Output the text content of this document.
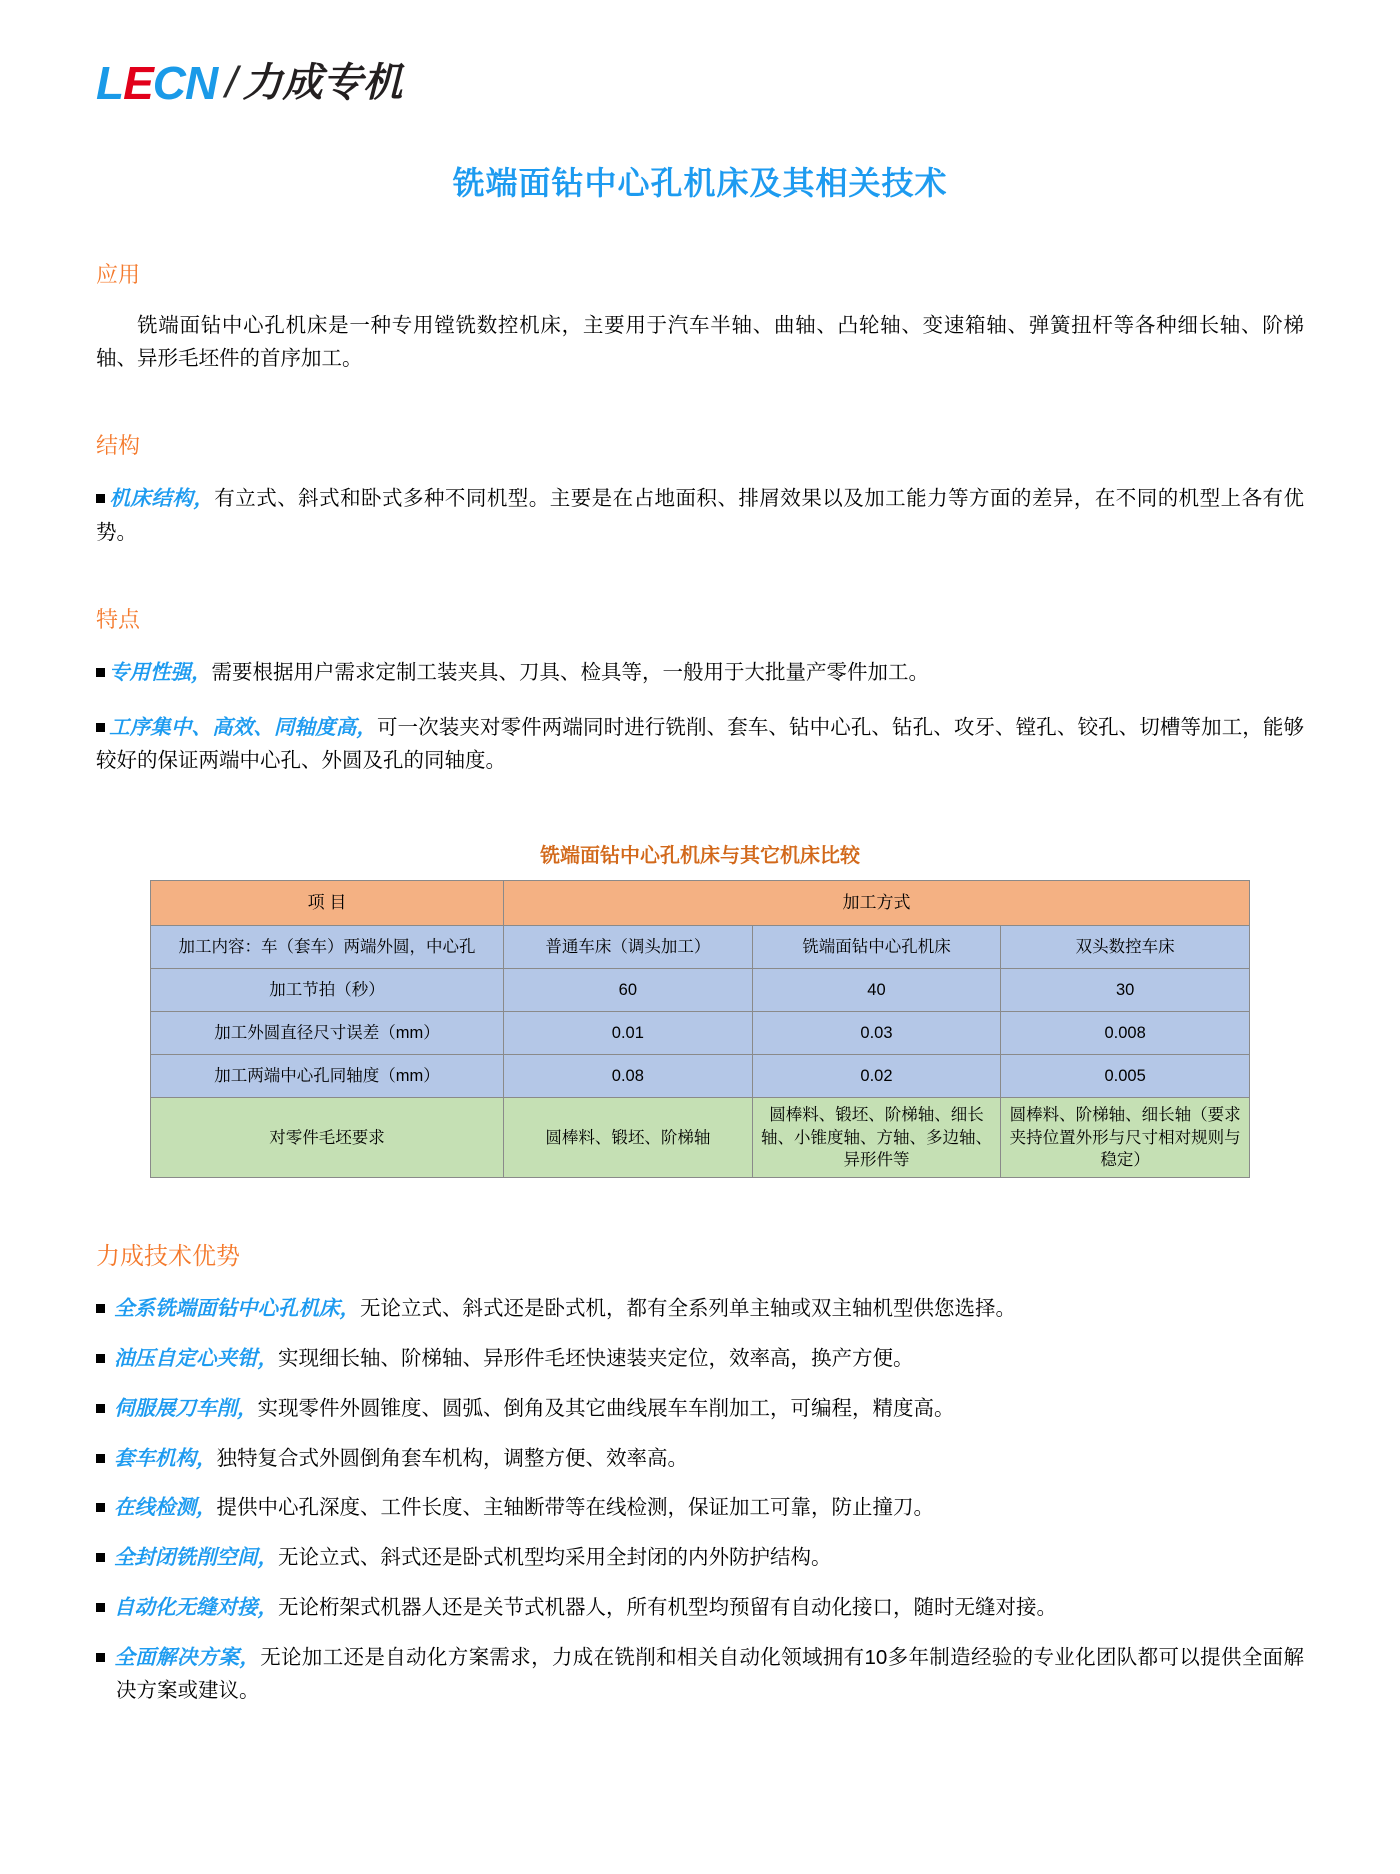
L E CN / 力成专机
铣端面钻中心孔机床及其相关技术
应用
铣端面钻中心孔机床是一种专用镗铣数控机床，主要用于汽车半轴、曲轴、凸轮轴、变速箱轴、弹簧扭杆等各种细长轴、阶梯轴、异形毛坯件的首序加工。
结构
机床结构，有立式、斜式和卧式多种不同机型。主要是在占地面积、排屑效果以及加工能力等方面的差异，在不同的机型上各有优势。
特点
专用性强，需要根据用户需求定制工装夹具、刀具、检具等，一般用于大批量产零件加工。
工序集中、高效、同轴度高，可一次装夹对零件两端同时进行铣削、套车、钻中心孔、钻孔、攻牙、镗孔、铰孔、切槽等加工，能够较好的保证两端中心孔、外圆及孔的同轴度。
铣端面钻中心孔机床与其它机床比较
项 目	加工方式		
加工内容：车（套车）两端外圆，中心孔	普通车床（调头加工）	铣端面钻中心孔机床	双头数控车床
加工节拍（秒）	60	40	30
加工外圆直径尺寸误差（mm）	0.01	0.03	0.008
加工两端中心孔同轴度（mm）	0.08	0.02	0.005
对零件毛坯要求	圆棒料、锻坯、阶梯轴	圆棒料、锻坯、阶梯轴、细长轴、小锥度轴、方轴、多边轴、异形件等	圆棒料、阶梯轴、细长轴（要求夹持位置外形与尺寸相对规则与稳定）
力成技术优势
全系铣端面钻中心孔机床，无论立式、斜式还是卧式机，都有全系列单主轴或双主轴机型供您选择。
油压自定心夹钳，实现细长轴、阶梯轴、异形件毛坯快速装夹定位，效率高，换产方便。
伺服展刀车削，实现零件外圆锥度、圆弧、倒角及其它曲线展车车削加工，可编程，精度高。
套车机构，独特复合式外圆倒角套车机构，调整方便、效率高。
在线检测，提供中心孔深度、工件长度、主轴断带等在线检测，保证加工可靠，防止撞刀。
全封闭铣削空间，无论立式、斜式还是卧式机型均采用全封闭的内外防护结构。
自动化无缝对接，无论桁架式机器人还是关节式机器人，所有机型均预留有自动化接口，随时无缝对接。
全面解决方案，无论加工还是自动化方案需求，力成在铣削和相关自动化领域拥有10多年制造经验的专业化团队都可以提供全面解决方案或建议。
